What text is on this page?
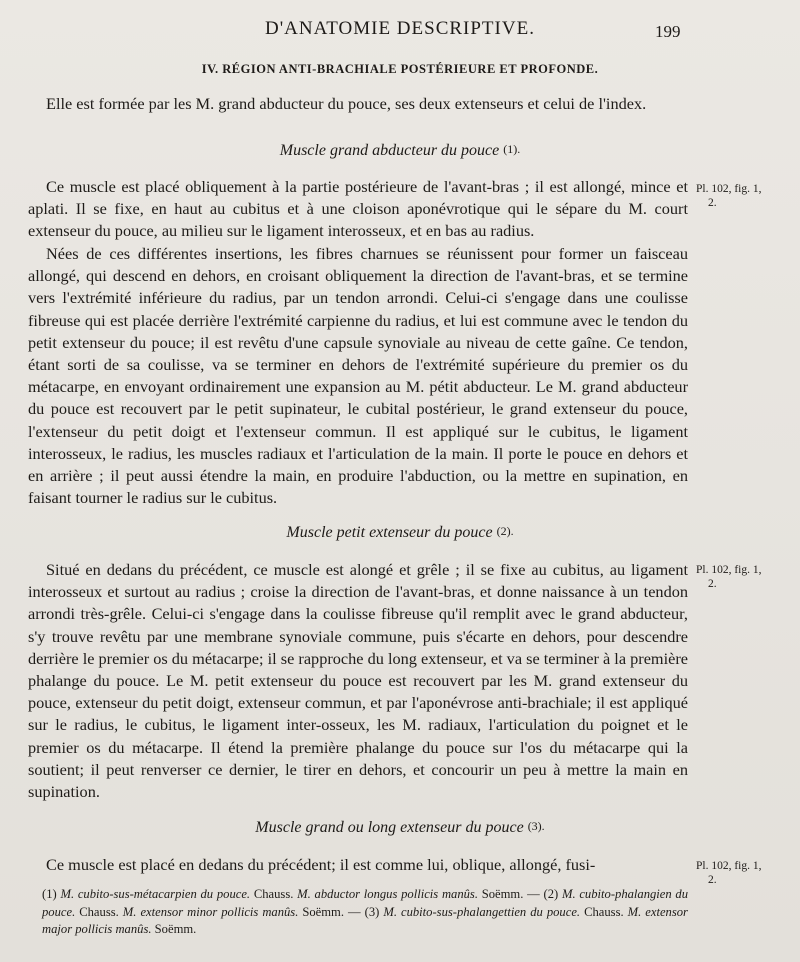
D'ANATOMIE DESCRIPTIVE.	199
IV. RÉGION ANTI-BRACHIALE POSTÉRIEURE ET PROFONDE.

Elle est formée par les M. grand abducteur du pouce, ses deux extenseurs et celui de l'index.

Muscle grand abducteur du pouce (1).

Ce muscle est placé obliquement à la partie postérieure de l'avant-bras ; il est allongé, mince et aplati. Il se fixe, en haut au cubitus et à une cloison aponévrotique qui le sépare du M. court extenseur du pouce, au milieu sur le ligament interosseux, et en bas au radius.

Nées de ces différentes insertions, les fibres charnues se réunissent pour former un faisceau allongé, qui descend en dehors, en croisant obliquement la direction de l'avant-bras, et se termine vers l'extrémité inférieure du radius, par un tendon arrondi. Celui-ci s'engage dans une coulisse fibreuse qui est placée derrière l'extrémité carpienne du radius, et lui est commune avec le tendon du petit extenseur du pouce; il est revêtu d'une capsule synoviale au niveau de cette gaîne. Ce tendon, étant sorti de sa coulisse, va se terminer en dehors de l'extrémité supérieure du premier os du métacarpe, en envoyant ordinairement une expansion au M. pétit abducteur. Le M. grand abducteur du pouce est recouvert par le petit supinateur, le cubital postérieur, le grand extenseur du pouce, l'extenseur du petit doigt et l'extenseur commun. Il est appliqué sur le cubitus, le ligament interosseux, le radius, les muscles radiaux et l'articulation de la main. Il porte le pouce en dehors et en arrière ; il peut aussi étendre la main, en produire l'abduction, ou la mettre en supination, en faisant tourner le radius sur le cubitus.

Pl. 102, fig. 1,
2.
Muscle petit extenseur du pouce (2).

Situé en dedans du précédent, ce muscle est alongé et grêle ; il se fixe au cubitus, au ligament interosseux et surtout au radius ; croise la direction de l'avant-bras, et donne naissance à un tendon arrondi très-grêle. Celui-ci s'engage dans la coulisse fibreuse qu'il remplit avec le grand abducteur, s'y trouve revêtu par une membrane synoviale commune, puis s'écarte en dehors, pour descendre derrière le premier os du métacarpe; il se rapproche du long extenseur, et va se terminer à la première phalange du pouce. Le M. petit extenseur du pouce est recouvert par les M. grand extenseur du pouce, extenseur du petit doigt, extenseur commun, et par l'aponévrose anti-brachiale; il est appliqué sur le radius, le cubitus, le ligament inter-osseux, les M. radiaux, l'articulation du poignet et le premier os du métacarpe. Il étend la première phalange du pouce sur l'os du métacarpe qui la soutient; il peut renverser ce dernier, le tirer en dehors, et concourir un peu à mettre la main en supination.

Pl. 102, fig. 1,
2.
Muscle grand ou long extenseur du pouce (3).

Ce muscle est placé en dedans du précédent; il est comme lui, oblique, allongé, fusi-	Pl. 102, fig. 1,
2.

(1) M. cubito-sus-métacarpien du pouce. Chauss. M. abductor longus pollicis manûs. Soëmm. — (2) M. cubito-phalangien du pouce. Chauss. M. extensor minor pollicis manûs. Soëmm. — (3) M. cubito-sus-phalangettien du pouce. Chauss. M. extensor major pollicis manûs. Soëmm.
